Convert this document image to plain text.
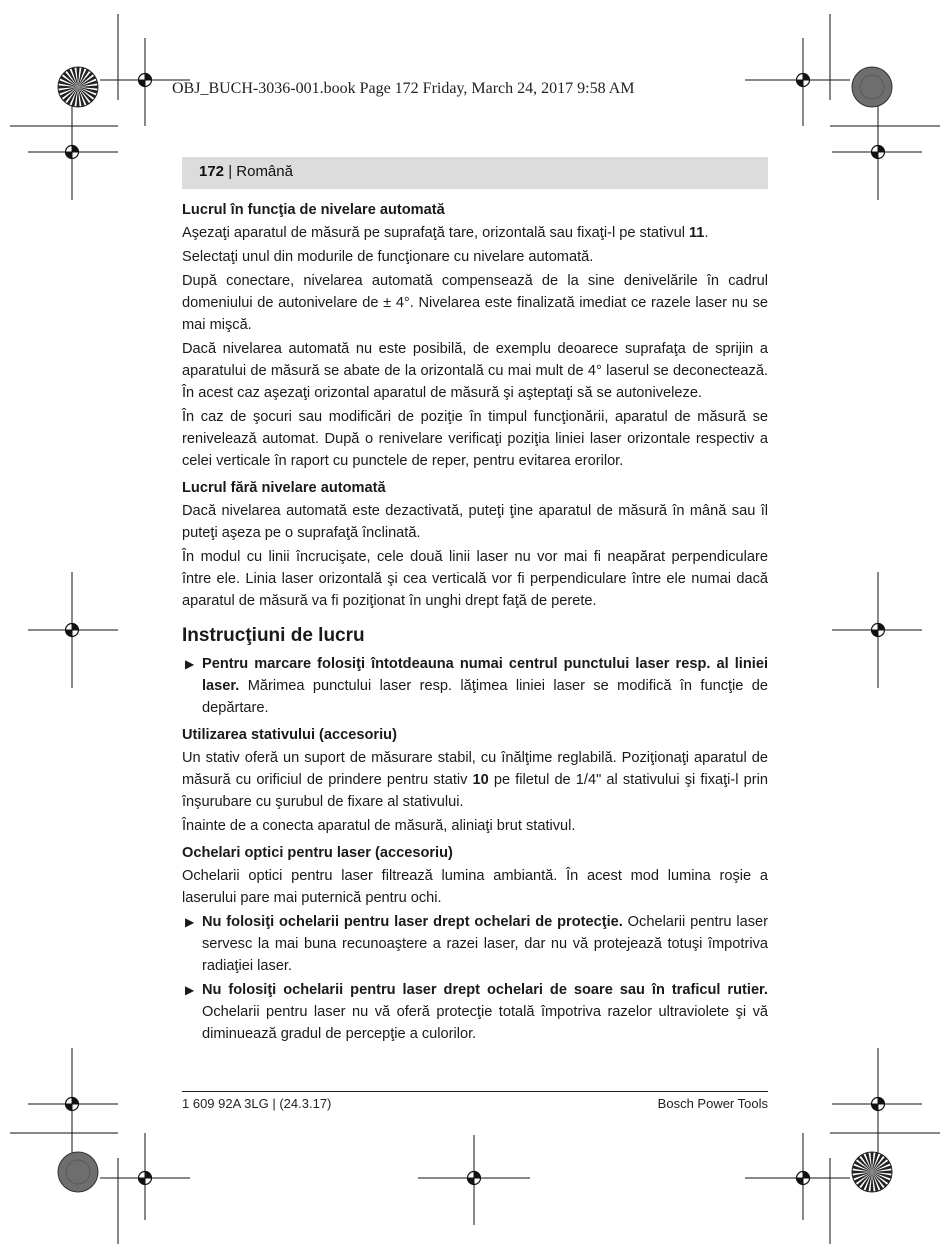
OBJ_BUCH-3036-001.book Page 172 Friday, March 24, 2017 9:58 AM
172 | Română
Lucrul în funcţia de nivelare automată

Aşezaţi aparatul de măsură pe suprafaţă tare, orizontală sau fixaţi-l pe stativul 11.

Selectaţi unul din modurile de funcţionare cu nivelare automată.

După conectare, nivelarea automată compensează de la sine denivelările în cadrul domeniului de autonivelare de ± 4°. Nivelarea este finalizată imediat ce razele laser nu se mai mişcă.

Dacă nivelarea automată nu este posibilă, de exemplu deoarece suprafaţa de sprijin a aparatului de măsură se abate de la orizontală cu mai mult de 4° laserul se deconectează. În acest caz aşezaţi orizontal aparatul de măsură şi aşteptaţi să se autoniveleze.

În caz de şocuri sau modificări de poziţie în timpul funcţionării, aparatul de măsură se reniveleazǎ automat. După o renivelare verificaţi poziţia liniei laser orizontale respectiv a celei verticale în raport cu punctele de reper, pentru evitarea erorilor.

Lucrul fără nivelare automată

Dacă nivelarea automată este dezactivată, puteţi ţine aparatul de măsură în mână sau îl puteţi aşeza pe o suprafaţă înclinată.

În modul cu linii încrucişate, cele două linii laser nu vor mai fi neapărat perpendiculare între ele. Linia laser orizontală şi cea verticală vor fi perpendiculare între ele numai dacă aparatul de măsură va fi poziţionat în unghi drept faţă de perete.

Instrucţiuni de lucru
▶ Pentru marcare folosiţi întotdeauna numai centrul punctului laser resp. al liniei laser. Mărimea punctului laser resp. lăţimea liniei laser se modifică în funcţie de depărtare.
Utilizarea stativului (accesoriu)

Un stativ oferă un suport de măsurare stabil, cu înălţime reglabilă. Poziţionaţi aparatul de măsură cu orificiul de prindere pentru stativ 10 pe filetul de 1/4" al stativului şi fixaţi-l prin înşurubare cu şurubul de fixare al stativului.

Înainte de a conecta aparatul de măsură, aliniaţi brut stativul.

Ochelari optici pentru laser (accesoriu)

Ochelarii optici pentru laser filtrează lumina ambiantă. În acest mod lumina roşie a laserului pare mai puternică pentru ochi.

▶ Nu folosiţi ochelarii pentru laser drept ochelari de protecţie. Ochelarii pentru laser servesc la mai buna recunoaştere a razei laser, dar nu vă protejează totuşi împotriva radiaţiei laser.
▶ Nu folosiţi ochelarii pentru laser drept ochelari de soare sau în traficul rutier. Ochelarii pentru laser nu vă oferă protecţie totală împotriva razelor ultraviolete şi vă diminuează gradul de percepţie a culorilor.
1 609 92A 3LG | (24.3.17)	Bosch Power Tools
